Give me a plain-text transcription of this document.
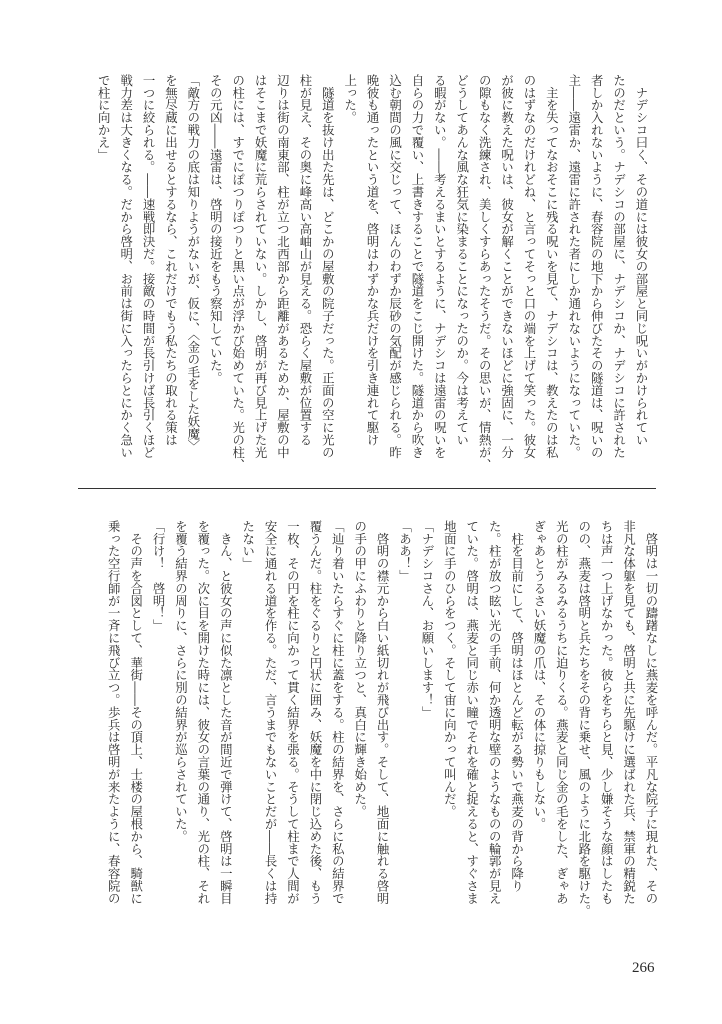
　ナデシコ曰く、その道には彼女の部屋と同じ呪いがかけられてい
たのだという。ナデシコの部屋に、ナデシコか、ナデシコに許された
者しか入れないように、春容院の地下から伸びたその隧道は、呪いの
主――遠雷か、遠雷に許された者にしか通れないようになっていた。
　主を失ってなおそこに残る呪いを見て、ナデシコは、教えたのは私
のはずなのだけれどね、と言ってそっと口の端を上げて笑った。彼女
が彼に教えた呪いは、彼女が解くことができないほどに強固に、一分
の隙もなく洗練され、美しくすらあったそうだ。その思いが、情熱が、
どうしてあんな風な狂気に染まることになったのか。今は考えてい
る暇がない。――考えるまいとするように、ナデシコは遠雷の呪いを
自らの力で覆い、上書きすることで隧道をこじ開けた。隧道から吹き
込む朝間の風に交じって、ほんのわずか辰砂の気配が感じられる。昨
晩彼も通ったという道を、啓明はわずかな兵だけを引き連れて駆け
上った。
　隧道を抜け出た先は、どこかの屋敷の院子だった。正面の空に光の
柱が見え、その奥に峰高い高岫山が見える。恐らく屋敷が位置する
辺りは街の南東部、柱が立つ北西部から距離があるためか、屋敷の中
はそこまで妖魔に荒らされていない。しかし、啓明が再び見上げた光
の柱には、すでにぽつりぽつりと黒い点が浮かび始めていた。光の柱、
その元凶――遠雷は、啓明の接近をもう察知していた。
「敵方の戦力の底は知りようがないが、仮に、〈金の毛をした妖魔〉
を無尽蔵に出せるとするなら、これだけでもう私たちの取れる策は
一つに絞られる。――速戦即決だ。接敵の時間が長引けば長引くほど
戦力差は大きくなる。だから啓明、お前は街に入ったらとにかく急い
で柱に向かえ」
　啓明は一切の躊躇なしに燕麦を呼んだ。平凡な院子に現れた、その
非凡な体躯を見ても、啓明と共に先駆けに選ばれた兵、禁軍の精鋭た
ちは声一つ上げなかった。彼らをちらと見、少し嫌そうな顔はしたも
のの、燕麦は啓明と兵たちをその背に乗せ、風のように北路を駆けた。
光の柱がみるみるうちに迫りくる。燕麦と同じ金の毛をした、ぎゃあ
ぎゃあとうるさい妖魔の爪は、その体に掠りもしない。
　柱を目前にして、啓明はほとんど転がる勢いで燕麦の背から降り
た。柱が放つ眩い光の手前、何か透明な壁のようなものの輪郭が見え
ていた。啓明は、燕麦と同じ赤い瞳でそれを確と捉えると、すぐさま
地面に手のひらをつく。そして宙に向かって叫んだ。
「ナデシコさん、お願いします！」
「ああ！」
　啓明の襟元から白い紙切れが飛び出す。そして、地面に触れる啓明
の手の甲にふわりと降り立つと、真白に輝き始めた。
「辿り着いたらすぐに柱に蓋をする。柱の結界を、さらに私の結界で
覆うんだ。柱をぐるりと円状に囲み、妖魔を中に閉じ込めた後、もう
一枚、その円を柱に向かって貫く結界を張る。そうして柱まで人間が
安全に通れる道を作る。ただ、言うまでもないことだが――長くは持
たない」
　きん、と彼女の声に似た凛とした音が間近で弾けて、啓明は一瞬目
を覆った。次に目を開けた時には、彼女の言葉の通り、光の柱、それ
を覆う結界の周りに、さらに別の結界が巡らされていた。
「行け！　啓明！」
　その声を合図として、華街――その頂上、士楼の屋根から、騎獣に
乗った空行師が一斉に飛び立つ。歩兵は啓明が来たように、春容院の
266
